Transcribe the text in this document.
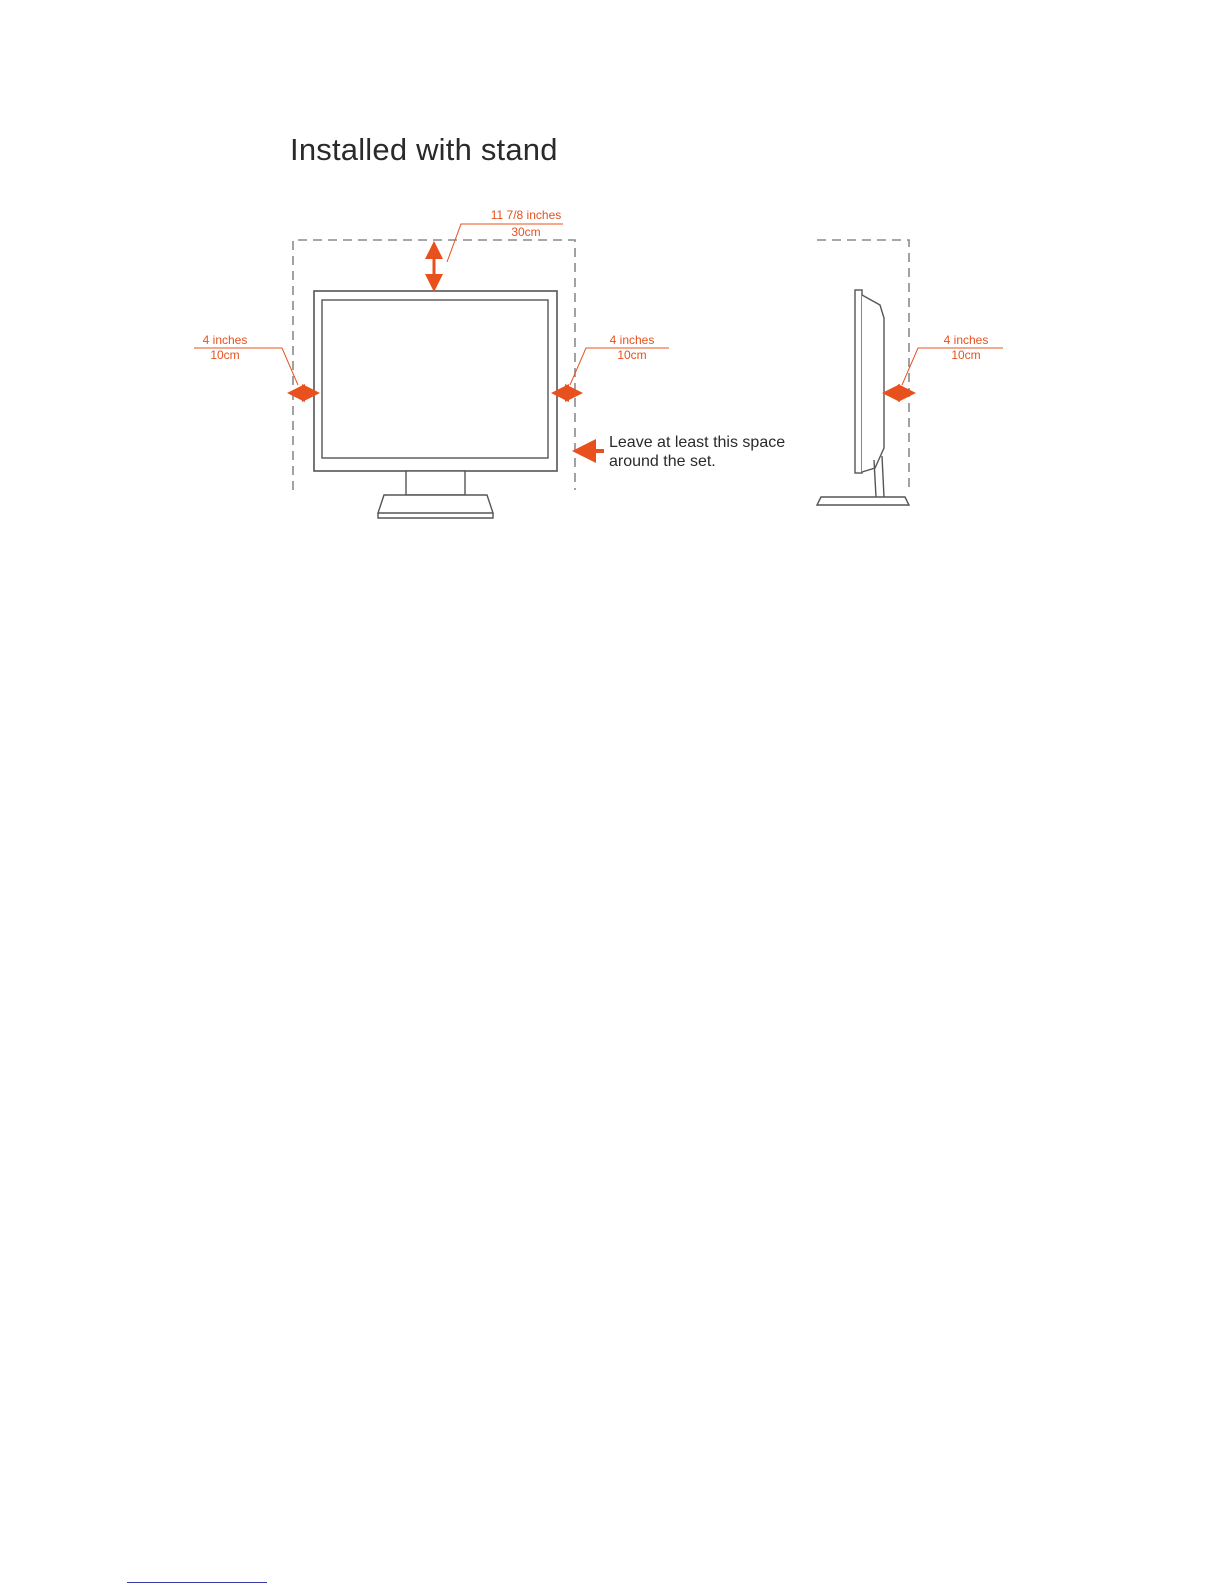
Installed with stand
11 7/8 inches
30cm
4 inches
10cm
4 inches
10cm
Leave at least this space
around the set.
4 inches
10cm
